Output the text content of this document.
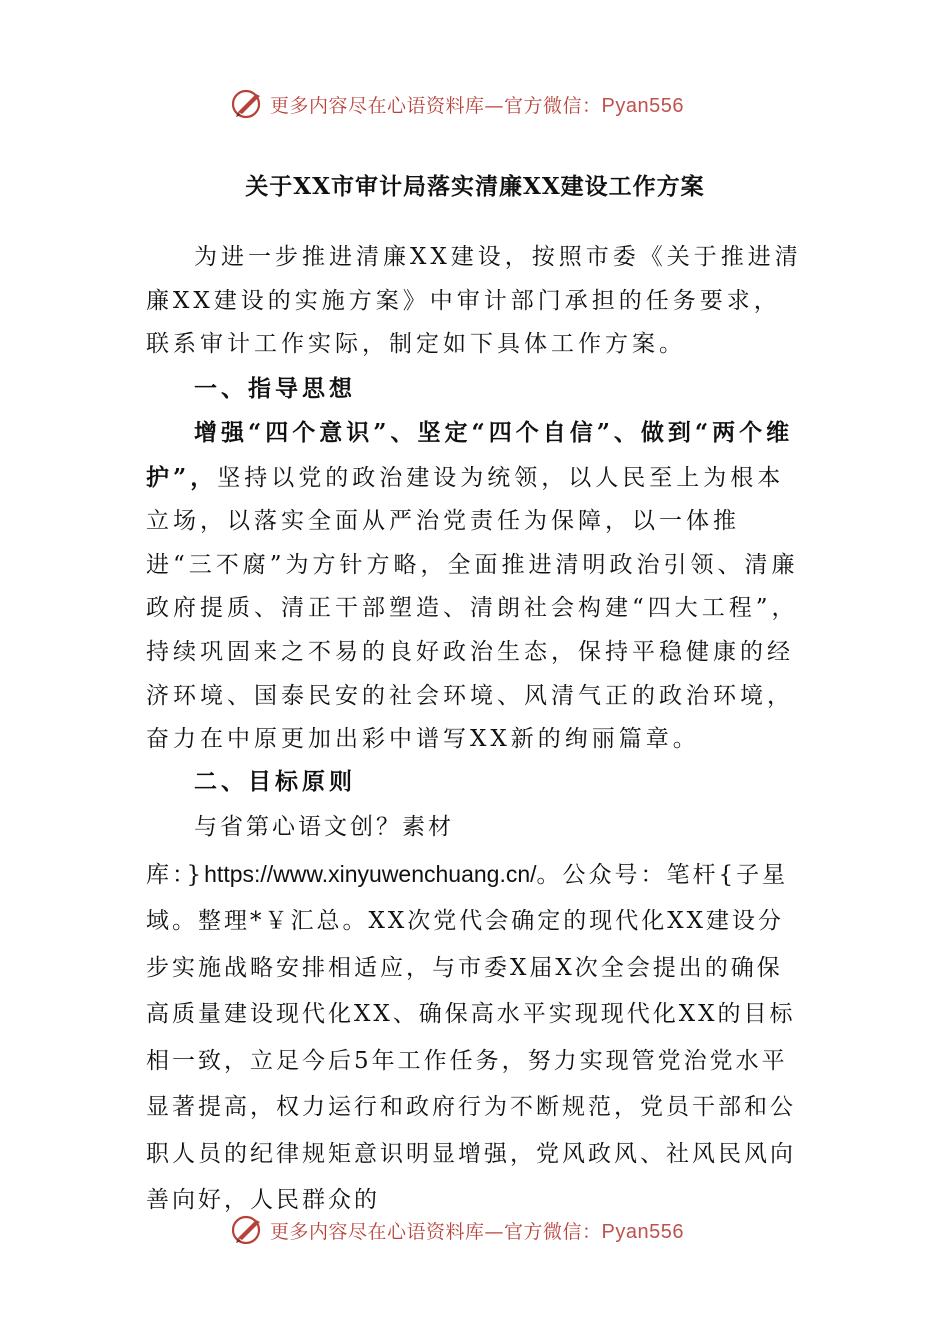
更多内容尽在心语资料库—官方微信：Pyan556
关于XX市审计局落实清廉XX建设工作方案
为进一步推进清廉XX建设，按照市委《关于推进清廉XX建设的实施方案》中审计部门承担的任务要求，联系审计工作实际，制定如下具体工作方案。
一、指导思想
增强“四个意识”、坚定“四个自信”、做到“两个维护”，坚持以党的政治建设为统领，以人民至上为根本立场，以落实全面从严治党责任为保障，以一体推进“三不腐”为方针方略，全面推进清明政治引领、清廉政府提质、清正干部塑造、清朗社会构建“四大工程”，持续巩固来之不易的良好政治生态，保持平稳健康的经济环境、国泰民安的社会环境、风清气正的政治环境，奋力在中原更加出彩中谱写XX新的绚丽篇章。
二、目标原则
与省第心语文创？素材库：}https://www.xinyuwenchuang.cn/。公众号：笔杆{子星域。整理*￥汇总。XX次党代会确定的现代化XX建设分步实施战略安排相适应，与市委X届X次全会提出的确保高质量建设现代化XX、确保高水平实现现代化XX的目标相一致，立足今后5年工作任务，努力实现管党治党水平显著提高，权力运行和政府行为不断规范，党员干部和公职人员的纪律规矩意识明显增强，党风政风、社风民风向善向好，人民群众的
更多内容尽在心语资料库—官方微信：Pyan556
